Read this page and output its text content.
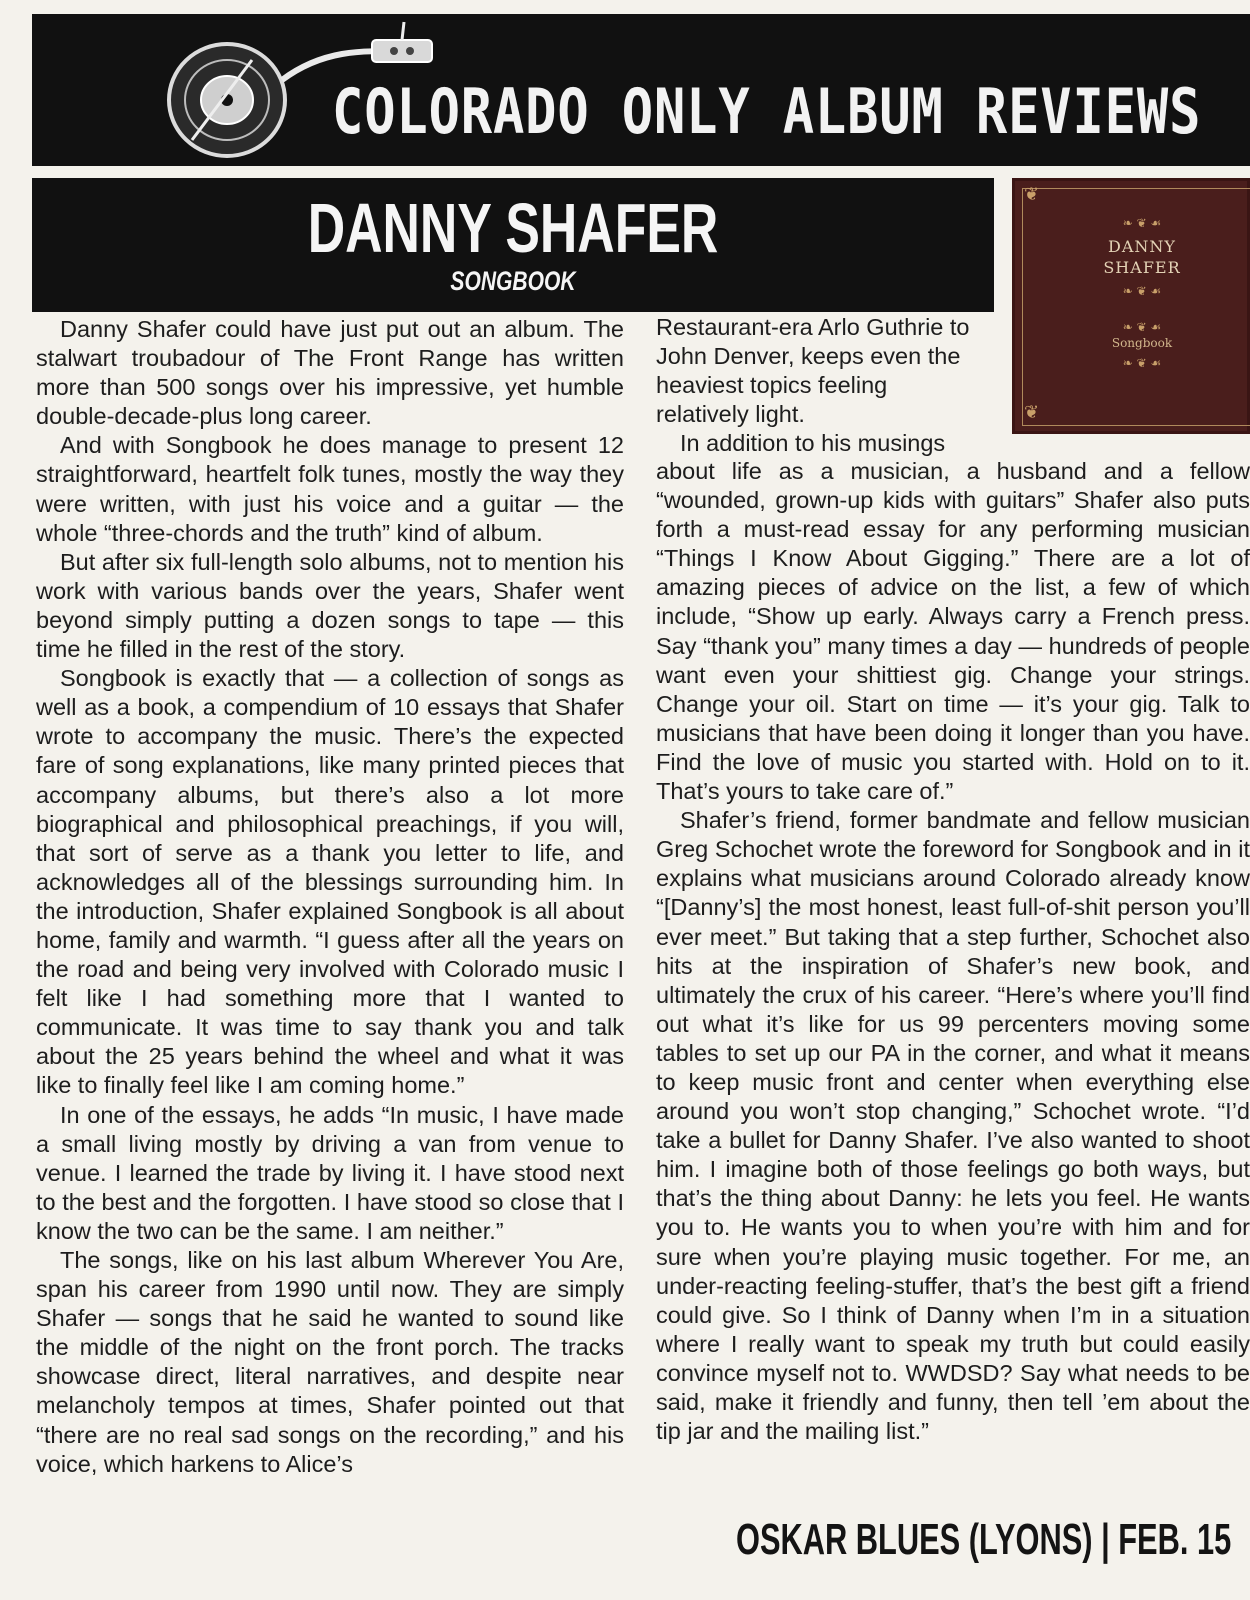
COLORADO ONLY ALBUM REVIEWS
DANNY SHAFER
SONGBOOK
❦
❦
❧ ❦ ☙
DANNY SHAFER
❧ ❦ ☙
❧ ❦ ☙
Songbook
❧ ❦ ☙

Danny Shafer could have just put out an album. The stalwart troubadour of The Front Range has written more than 500 songs over his impressive, yet humble double-decade-plus long career.

And with Songbook he does manage to present 12 straightforward, heartfelt folk tunes, mostly the way they were written, with just his voice and a guitar — the whole “three-chords and the truth” kind of album.

But after six full-length solo albums, not to mention his work with various bands over the years, Shafer went beyond simply putting a dozen songs to tape — this time he filled in the rest of the story.

Songbook is exactly that — a collection of songs as well as a book, a compendium of 10 essays that Shafer wrote to accompany the music. There’s the expected fare of song explanations, like many printed pieces that accompany albums, but there’s also a lot more biographical and philosophical preachings, if you will, that sort of serve as a thank you letter to life, and acknowledges all of the blessings surrounding him. In the introduction, Shafer explained Songbook is all about home, family and warmth. “I guess after all the years on the road and being very involved with Colorado music I felt like I had something more that I wanted to communicate. It was time to say thank you and talk about the 25 years behind the wheel and what it was like to finally feel like I am coming home.”

In one of the essays, he adds “In music, I have made a small living mostly by driving a van from venue to venue. I learned the trade by living it. I have stood next to the best and the forgotten. I have stood so close that I know the two can be the same. I am neither.”

The songs, like on his last album Wherever You Are, span his career from 1990 until now. They are simply Shafer — songs that he said he wanted to sound like the middle of the night on the front porch. The tracks showcase direct, literal narratives, and despite near melancholy tempos at times, Shafer pointed out that “there are no real sad songs on the recording,” and his voice, which harkens to Alice’s

Restaurant-era Arlo Guthrie to John Denver, keeps even the heaviest topics feeling relatively light.

In addition to his musings

about life as a musician, a husband and a fellow “wounded, grown-up kids with guitars” Shafer also puts forth a must-read essay for any performing musician “Things I Know About Gigging.” There are a lot of amazing pieces of advice on the list, a few of which include, “Show up early. Always carry a French press. Say “thank you” many times a day — hundreds of people want even your shittiest gig. Change your strings. Change your oil. Start on time — it’s your gig. Talk to musicians that have been doing it longer than you have. Find the love of music you started with. Hold on to it. That’s yours to take care of.”

Shafer’s friend, former bandmate and fellow musician Greg Schochet wrote the foreword for Songbook and in it explains what musicians around Colorado already know “[Danny’s] the most honest, least full-of-shit person you’ll ever meet.” But taking that a step further, Schochet also hits at the inspiration of Shafer’s new book, and ultimately the crux of his career. “Here’s where you’ll find out what it’s like for us 99 percenters moving some tables to set up our PA in the corner, and what it means to keep music front and center when everything else around you won’t stop changing,” Schochet wrote. “I’d take a bullet for Danny Shafer. I’ve also wanted to shoot him. I imagine both of those feelings go both ways, but that’s the thing about Danny: he lets you feel. He wants you to. He wants you to when you’re with him and for sure when you’re playing music together. For me, an under-reacting feeling-stuffer, that’s the best gift a friend could give. So I think of Danny when I’m in a situation where I really want to speak my truth but could easily convince myself not to. WWDSD? Say what needs to be said, make it friendly and funny, then tell ’em about the tip jar and the mailing list.”

OSKAR BLUES (LYONS) | FEB. 15
